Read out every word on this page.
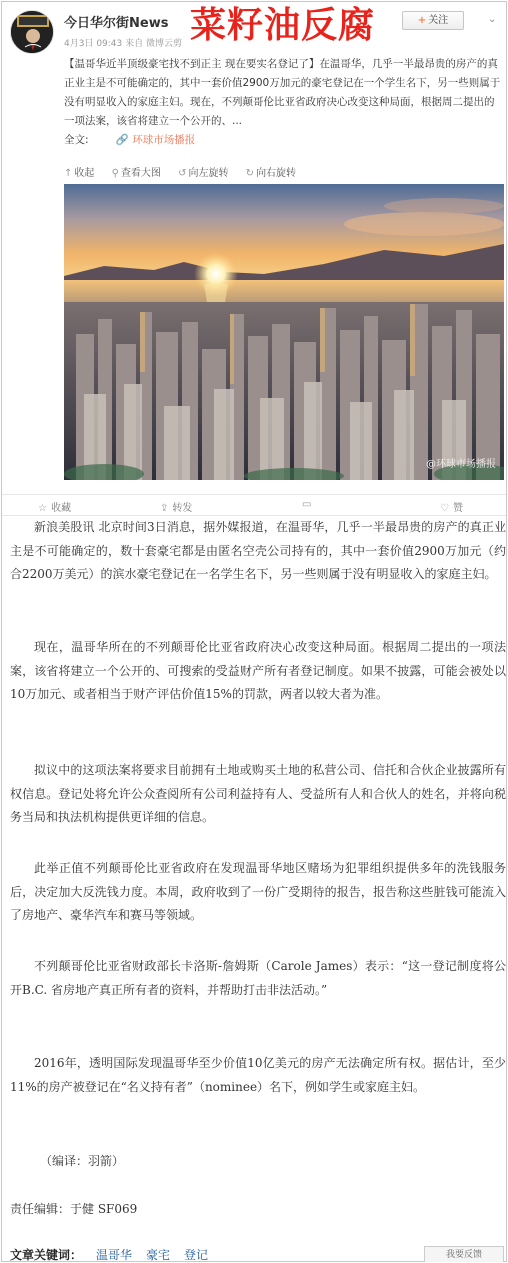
今日华尔街News
4月3日 09:43 来自 微博云剪 菜籽油反腐	+ 关注	⌄
【温哥华近半顶级豪宅找不到正主 现在要实名登记了】在温哥华，几乎一半最昂贵的房产的真正业主是不可能确定的，其中一套价值2900万加元的豪宅登记在一个学生名下，另一些则属于没有明显收入的家庭主妇。现在，不列颠哥伦比亚省政府决心改变这种局面，根据周二提出的一项法案，该省将建立一个公开的、...
全文:	🔗 环球市场播报
↑ 收起 ⚲ 查看大图 ↺ 向左旋转 ↻ 向右旋转
@环球市场播报
☆ 收藏	⇪ 转发	▭	♡ 赞

新浪美股讯 北京时间3日消息，据外媒报道，在温哥华，几乎一半最昂贵的房产的真正业主是不可能确定的，数十套豪宅都是由匿名空壳公司持有的，其中一套价值2900万加元（约合2200万美元）的滨水豪宅登记在一名学生名下，另一些则属于没有明显收入的家庭主妇。

现在，温哥华所在的不列颠哥伦比亚省政府决心改变这种局面。根据周二提出的一项法案，该省将建立一个公开的、可搜索的受益财产所有者登记制度。如果不披露，可能会被处以10万加元、或者相当于财产评估价值15%的罚款，两者以较大者为准。

拟议中的这项法案将要求目前拥有土地或购买土地的私营公司、信托和合伙企业披露所有权信息。登记处将允许公众查阅所有公司利益持有人、受益所有人和合伙人的姓名，并将向税务当局和执法机构提供更详细的信息。

此举正值不列颠哥伦比亚省政府在发现温哥华地区赌场为犯罪组织提供多年的洗钱服务后，决定加大反洗钱力度。本周，政府收到了一份广受期待的报告，报告称这些脏钱可能流入了房地产、豪华汽车和赛马等领域。

不列颠哥伦比亚省财政部长卡洛斯-詹姆斯（Carole James）表示：“这一登记制度将公开B.C. 省房地产真正所有者的资料，并帮助打击非法活动。”

2016年，透明国际发现温哥华至少价值10亿美元的房产无法确定所有权。据估计，至少11%的房产被登记在“名义持有者”（nominee）名下，例如学生或家庭主妇。

（编译：羽箭）
责任编辑：于健 SF069
文章关键词： 温哥华 豪宅 登记	我要反馈
